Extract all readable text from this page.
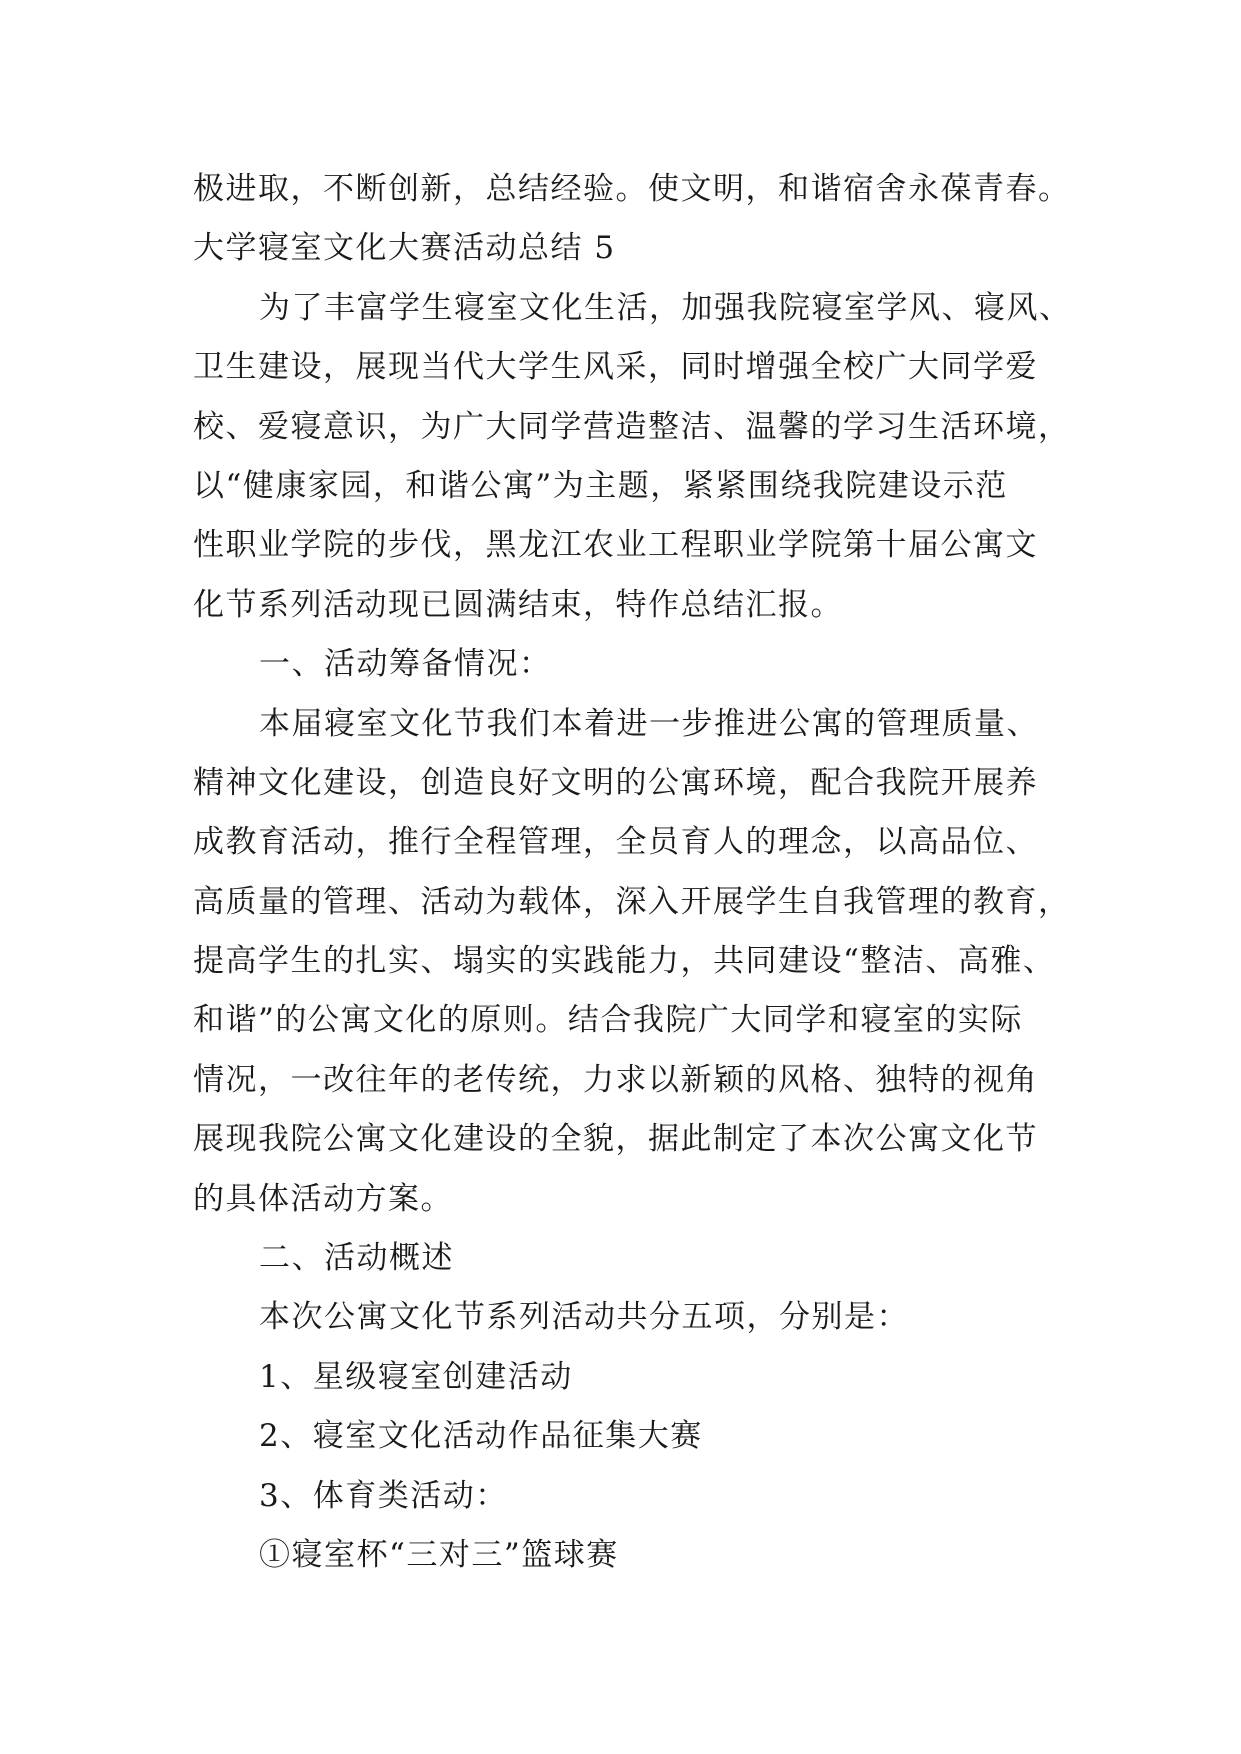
极进取，不断创新，总结经验。使文明，和谐宿舍永葆青春。
大学寝室文化大赛活动总结 5
为了丰富学生寝室文化生活，加强我院寝室学风、寝风、
卫生建设，展现当代大学生风采，同时增强全校广大同学爱
校、爱寝意识，为广大同学营造整洁、温馨的学习生活环境，
以“健康家园，和谐公寓”为主题，紧紧围绕我院建设示范
性职业学院的步伐，黑龙江农业工程职业学院第十届公寓文
化节系列活动现已圆满结束，特作总结汇报。
一、活动筹备情况：
本届寝室文化节我们本着进一步推进公寓的管理质量、
精神文化建设，创造良好文明的公寓环境，配合我院开展养
成教育活动，推行全程管理，全员育人的理念，以高品位、
高质量的管理、活动为载体，深入开展学生自我管理的教育，
提高学生的扎实、塌实的实践能力，共同建设“整洁、高雅、
和谐”的公寓文化的原则。结合我院广大同学和寝室的实际
情况，一改往年的老传统，力求以新颖的风格、独特的视角
展现我院公寓文化建设的全貌，据此制定了本次公寓文化节
的具体活动方案。
二、活动概述
本次公寓文化节系列活动共分五项，分别是：
1、星级寝室创建活动
2、寝室文化活动作品征集大赛
3、体育类活动：
①寝室杯“三对三”篮球赛
